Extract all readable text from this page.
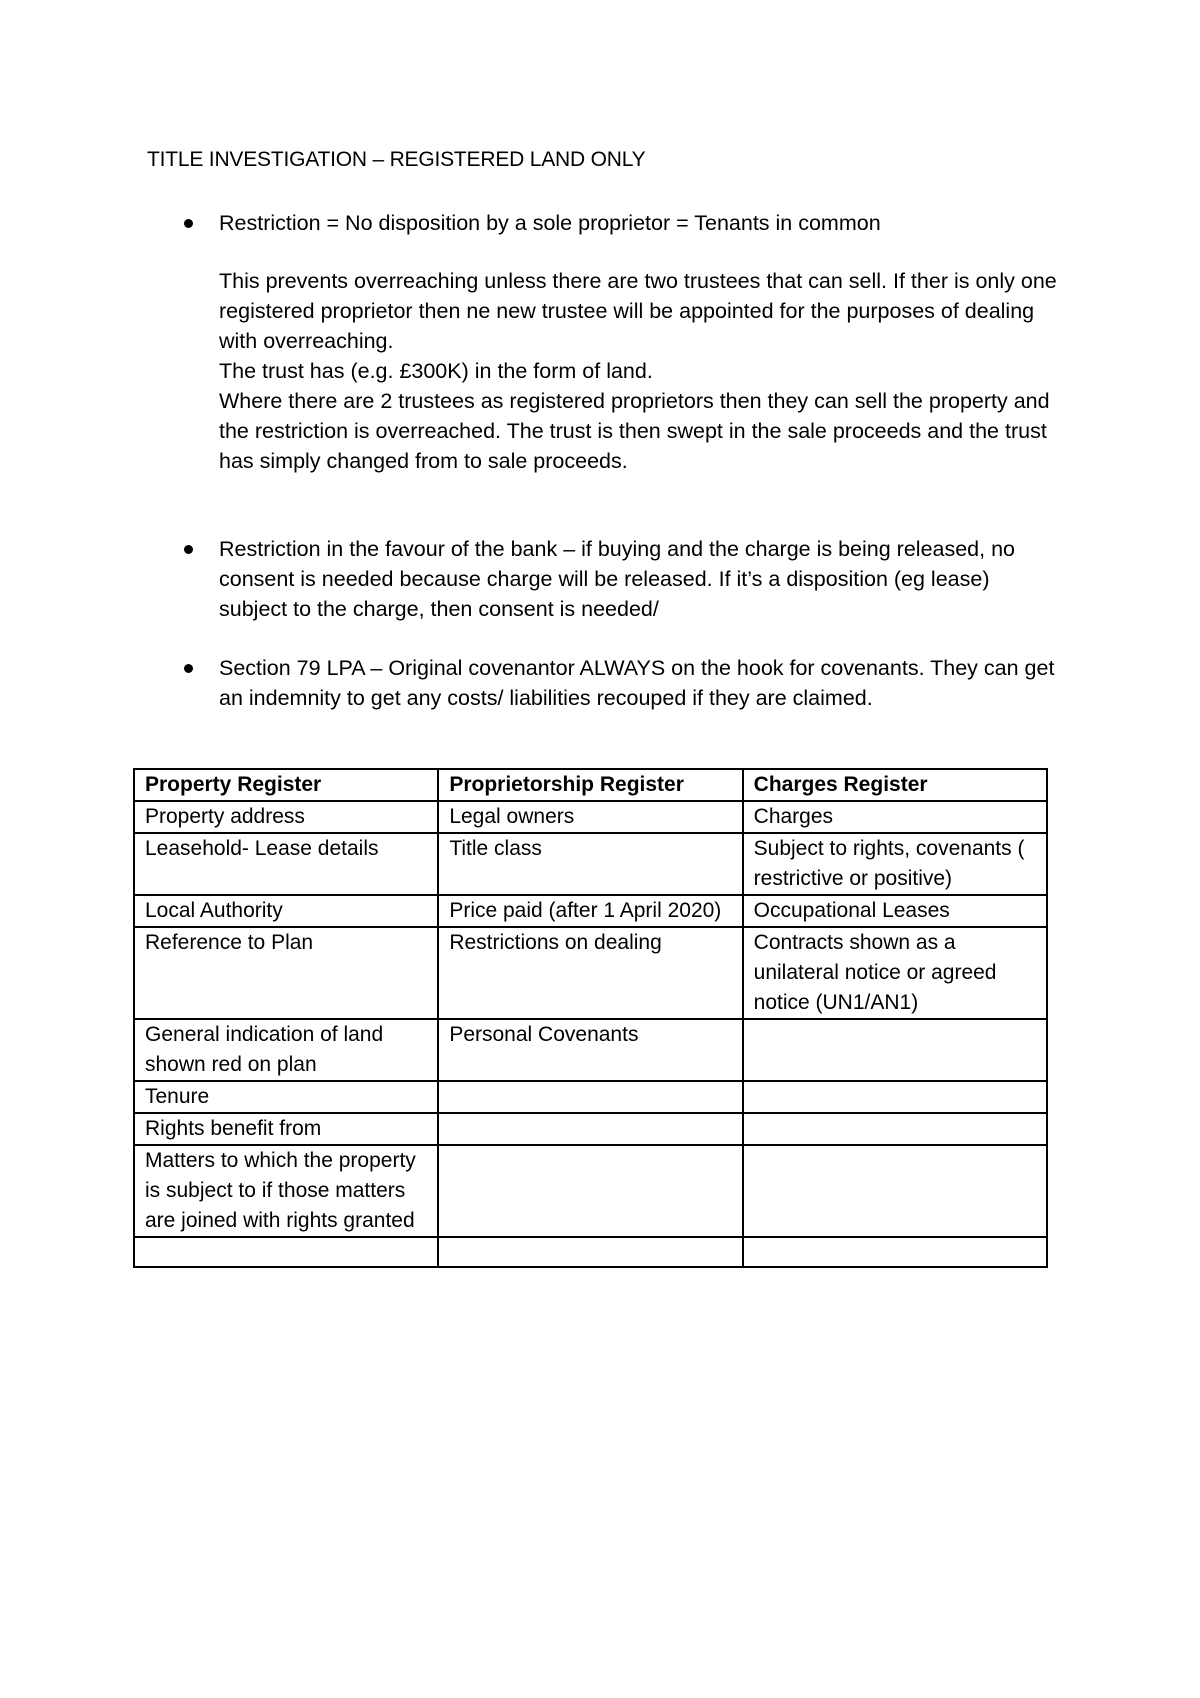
TITLE INVESTIGATION – REGISTERED LAND ONLY

Restriction = No disposition by a sole proprietor = Tenants in common

This prevents overreaching unless there are two trustees that can sell. If ther is only one registered proprietor then ne new trustee will be appointed for the purposes of dealing with overreaching.

The trust has (e.g. £300K) in the form of land.

Where there are 2 trustees as registered proprietors then they can sell the property and the restriction is overreached. The trust is then swept in the sale proceeds and the trust has simply changed from to sale proceeds.

Restriction in the favour of the bank – if buying and the charge is being released, no consent is needed because charge will be released. If it’s a disposition (eg lease) subject to the charge, then consent is needed/

Section 79 LPA – Original covenantor ALWAYS on the hook for covenants. They can get an indemnity to get any costs/ liabilities recouped if they are claimed.

Property Register	Proprietorship Register	Charges Register
Property address	Legal owners	Charges
Leasehold- Lease details	Title class	Subject to rights, covenants ( restrictive or positive)
Local Authority	Price paid (after 1 April 2020)	Occupational Leases
Reference to Plan	Restrictions on dealing	Contracts shown as a unilateral notice or agreed notice (UN1/AN1)
General indication of land shown red on plan	Personal Covenants	
Tenure		
Rights benefit from		
Matters to which the property is subject to if those matters are joined with rights granted		
